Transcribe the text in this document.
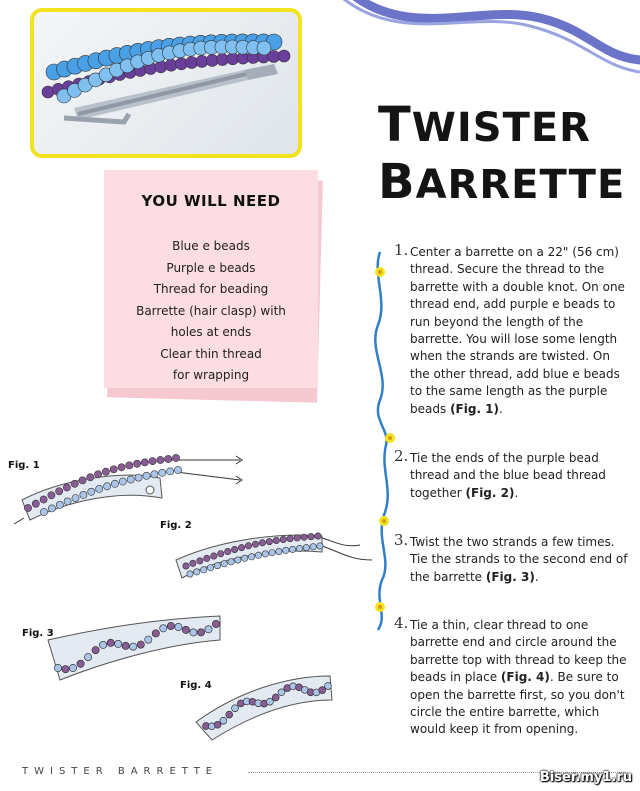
TWISTER
BARRETTE
YOU WILL NEED
Blue e beads
Purple e beads
Thread for beading
Barrette (hair clasp) with
holes at ends
Clear thin thread
for wrapping
1. Center a barrette on a 22" (56 cm) thread. Secure the thread to the barrette with a double knot. On one thread end, add purple e beads to run beyond the length of the barrette. You will lose some length when the strands are twisted. On the other thread, add blue e beads to the same length as the purple beads (Fig. 1).
2. Tie the ends of the purple bead thread and the blue bead thread together (Fig. 2).
3. Twist the two strands a few times. Tie the strands to the second end of the barrette (Fig. 3).
4. Tie a thin, clear thread to one barrette end and circle around the barrette top with thread to keep the beads in place (Fig. 4). Be sure to open the barrette first, so you don't circle the entire barrette, which would keep it from opening.
Fig. 1
Fig. 2
Fig. 3
Fig. 4
TWISTER BARRETTE	Biser.my1.ru
